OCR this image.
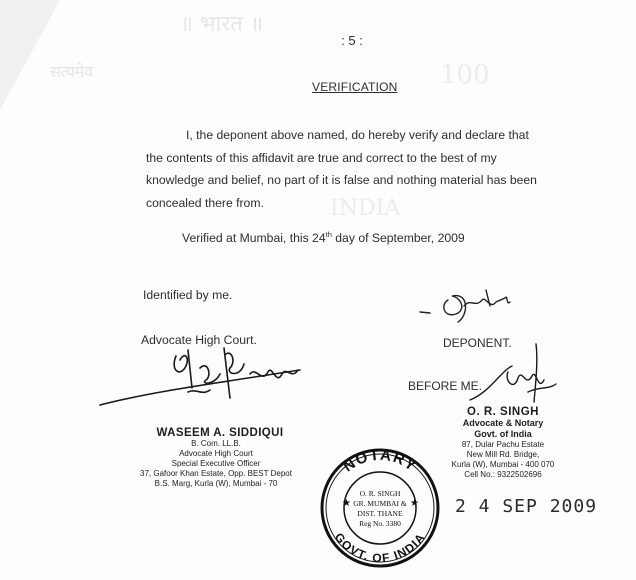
॥ भारत ॥
INDIA
सत्यमेव	100
: 5 :
VERIFICATION
I, the deponent above named, do hereby verify and declare that
the contents of this affidavit are true and correct to the best of my
knowledge and belief, no part of it is false and nothing material has been
concealed there from.
Verified at Mumbai, this 24th day of September, 2009
Identified by me.
Advocate High Court.	DEPONENT.
BEFORE ME.
WASEEM A. SIDDIQUI
B. Com. LL.B.
Advocate High Court
Special Executive Officer
37, Gafoor Khan Estate, Opp. BEST Depot
B.S. Marg, Kurla (W), Mumbai - 70
O. R. SINGH
Advocate & Notary
Govt. of India
87, Dular Pachu Estate
New Mill Rd. Bridge,
Kurla (W), Mumbai - 400 070
Cell No.: 9322502696
2 4 SEP 2009
NOTARY
GOVT. OF INDIA
★	★
O. R. SINGH
GR. MUMBAI &
DIST. THANE
Reg No. 3380
